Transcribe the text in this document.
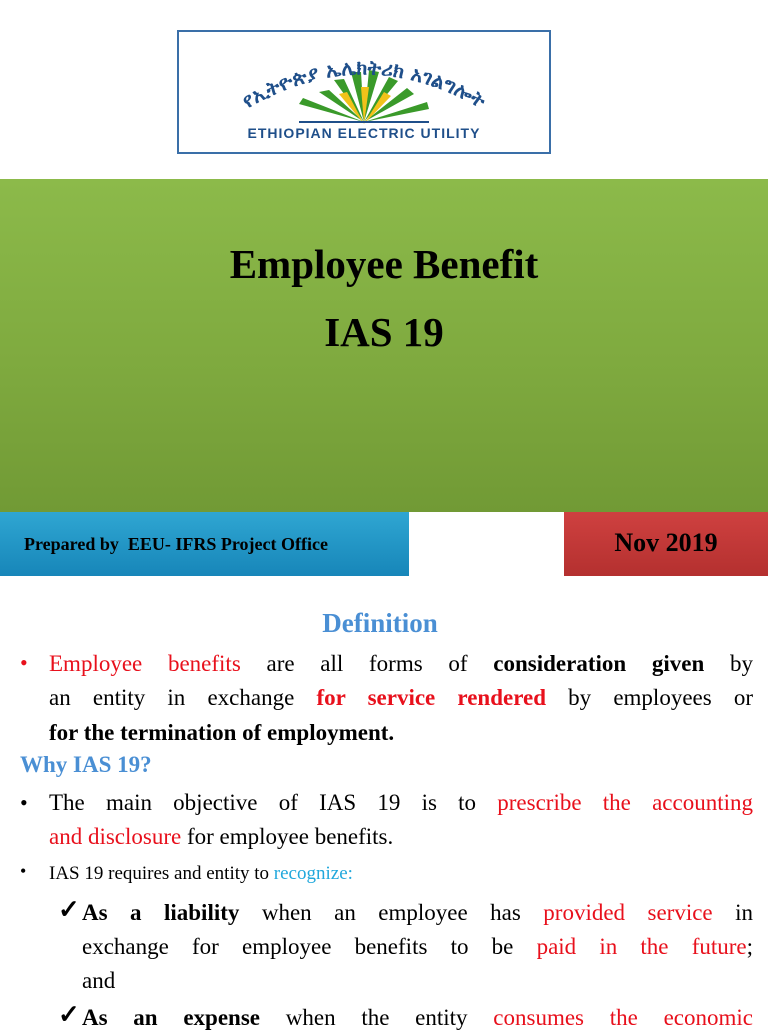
የኢትዮጵያ ኤሌክትሪክ አገልግሎት
ETHIOPIAN ELECTRIC UTILITY
Employee Benefit
IAS 19
Prepared by  EEU- IFRS Project Office	Nov 2019
Definition
• Employee benefits are all forms of consideration given by
an entity in exchange for service rendered by employees or
for the termination of employment.
Why IAS 19?
• The main objective of IAS 19 is to prescribe the accounting
and disclosure for employee benefits.
• IAS 19 requires and entity to recognize:
✓ As a liability when an employee has provided service in
exchange for employee benefits to be paid in the future;
and
✓ As an expense when the entity consumes the economic
